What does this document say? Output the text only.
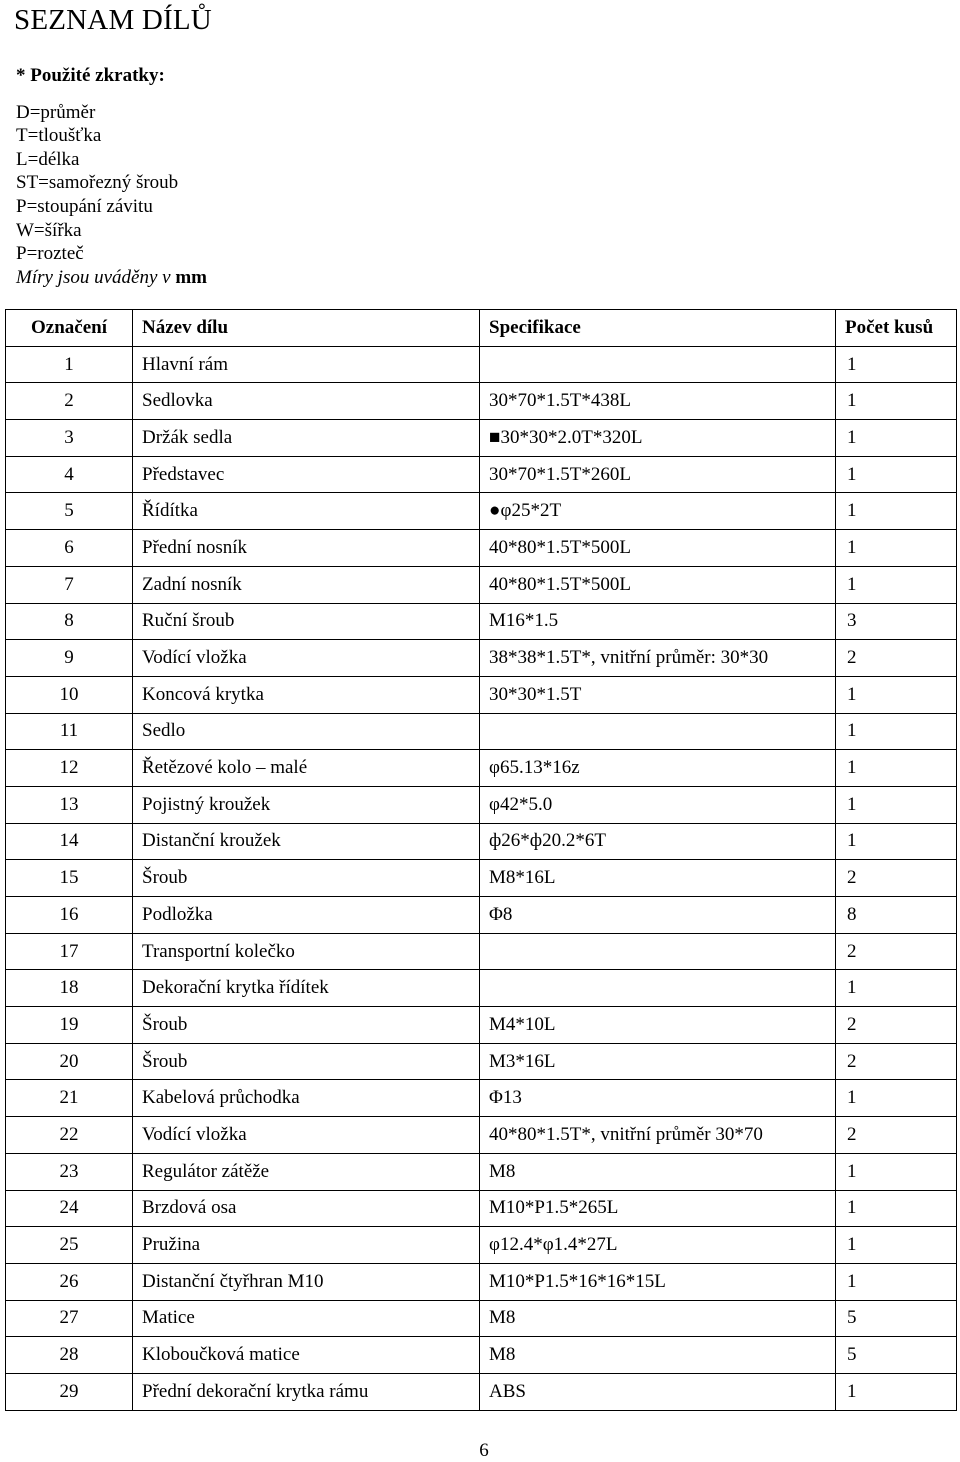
SEZNAM DÍLŮ
* Použité zkratky:
D=průměr
T=tloušťka
L=délka
ST=samořezný šroub
P=stoupání závitu
W=šířka
P=rozteč
Míry jsou uváděny v mm
Označení	Název dílu	Specifikace	Počet kusů
1	Hlavní rám		1
2	Sedlovka	30*70*1.5T*438L	1
3	Držák sedla	■30*30*2.0T*320L	1
4	Představec	30*70*1.5T*260L	1
5	Řídítka	●φ25*2T	1
6	Přední nosník	40*80*1.5T*500L	1
7	Zadní nosník	40*80*1.5T*500L	1
8	Ruční šroub	M16*1.5	3
9	Vodící vložka	38*38*1.5T*, vnitřní průměr: 30*30	2
10	Koncová krytka	30*30*1.5T	1
11	Sedlo		1
12	Řetězové kolo – malé	φ65.13*16z	1
13	Pojistný kroužek	φ42*5.0	1
14	Distanční kroužek	ф26*ф20.2*6T	1
15	Šroub	M8*16L	2
16	Podložka	Φ8	8
17	Transportní kolečko		2
18	Dekorační krytka řídítek		1
19	Šroub	M4*10L	2
20	Šroub	M3*16L	2
21	Kabelová průchodka	Φ13	1
22	Vodící vložka	40*80*1.5T*, vnitřní průměr 30*70	2
23	Regulátor zátěže	M8	1
24	Brzdová osa	M10*P1.5*265L	1
25	Pružina	φ12.4*φ1.4*27L	1
26	Distanční čtyřhran M10	M10*P1.5*16*16*15L	1
27	Matice	M8	5
28	Kloboučková matice	M8	5
29	Přední dekorační krytka rámu	ABS	1
6
